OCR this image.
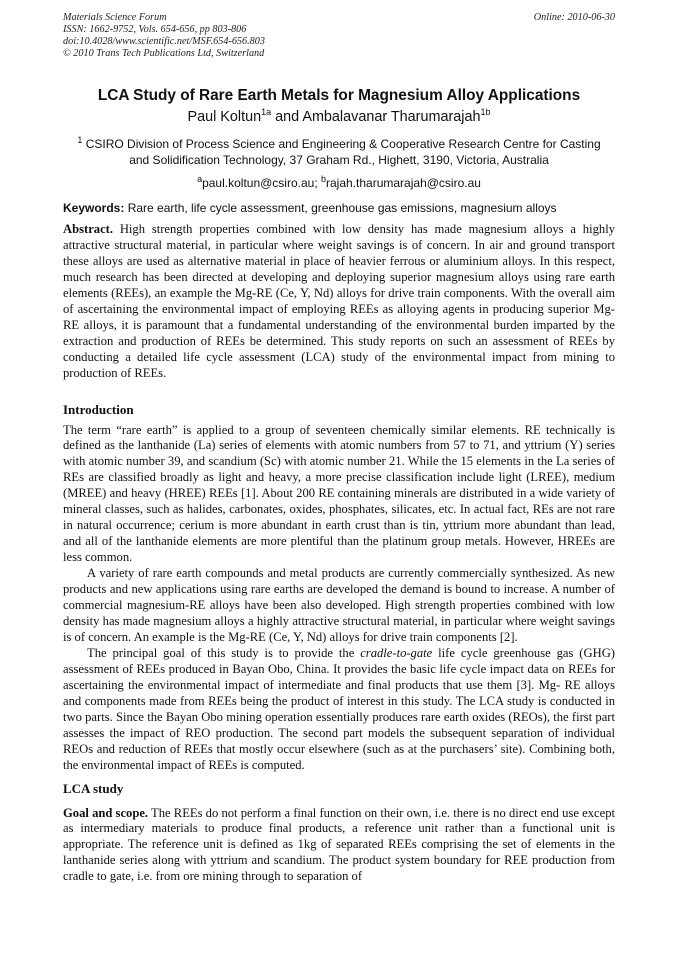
Materials Science Forum
ISSN: 1662-9752, Vols. 654-656, pp 803-806
doi:10.4028/www.scientific.net/MSF.654-656.803
© 2010 Trans Tech Publications Ltd, Switzerland
Online: 2010-06-30
LCA Study of Rare Earth Metals for Magnesium Alloy Applications
Paul Koltun$^{1a}$ and Ambalavanar Tharumarajah$^{1b}$
$^1$ CSIRO Division of Process Science and Engineering & Cooperative Research Centre for Casting and Solidification Technology, 37 Graham Rd., Highett, 3190, Victoria, Australia
$^a$paul.koltun@csiro.au; $^b$rajah.tharumarajah@csiro.au
Keywords: Rare earth, life cycle assessment, greenhouse gas emissions, magnesium alloys

Abstract. High strength properties combined with low density has made magnesium alloys a highly attractive structural material, in particular where weight savings is of concern. In air and ground transport these alloys are used as alternative material in place of heavier ferrous or aluminium alloys. In this respect, much research has been directed at developing and deploying superior magnesium alloys using rare earth elements (REEs), an example the Mg-RE (Ce, Y, Nd) alloys for drive train components. With the overall aim of ascertaining the environmental impact of employing REEs as alloying agents in producing superior Mg-RE alloys, it is paramount that a fundamental understanding of the environmental burden imparted by the extraction and production of REEs be determined. This study reports on such an assessment of REEs by conducting a detailed life cycle assessment (LCA) study of the environmental impact from mining to production of REEs.

Introduction

The term “rare earth” is applied to a group of seventeen chemically similar elements. RE technically is defined as the lanthanide (La) series of elements with atomic numbers from 57 to 71, and yttrium (Y) series with atomic number 39, and scandium (Sc) with atomic number 21. While the 15 elements in the La series of REs are classified broadly as light and heavy, a more precise classification include light (LREE), medium (MREE) and heavy (HREE) REEs [1]. About 200 RE containing minerals are distributed in a wide variety of mineral classes, such as halides, carbonates, oxides, phosphates, silicates, etc. In actual fact, REs are not rare in natural occurrence; cerium is more abundant in earth crust than is tin, yttrium more abundant than lead, and all of the lanthanide elements are more plentiful than the platinum group metals. However, HREEs are less common.

A variety of rare earth compounds and metal products are currently commercially synthesized. As new products and new applications using rare earths are developed the demand is bound to increase. A number of commercial magnesium-RE alloys have been also developed. High strength properties combined with low density has made magnesium alloys a highly attractive structural material, in particular where weight savings is of concern. An example is the Mg-RE (Ce, Y, Nd) alloys for drive train components [2].

The principal goal of this study is to provide the cradle-to-gate life cycle greenhouse gas (GHG) assessment of REEs produced in Bayan Obo, China. It provides the basic life cycle impact data on REEs for ascertaining the environmental impact of intermediate and final products that use them [3]. Mg- RE alloys and components made from REEs being the product of interest in this study. The LCA study is conducted in two parts. Since the Bayan Obo mining operation essentially produces rare earth oxides (REOs), the first part assesses the impact of REO production. The second part models the subsequent separation of individual REOs and reduction of REEs that mostly occur elsewhere (such as at the purchasers’ site). Combining both, the environmental impact of REEs is computed.

LCA study

Goal and scope. The REEs do not perform a final function on their own, i.e. there is no direct end use except as intermediary materials to produce final products, a reference unit rather than a functional unit is appropriate. The reference unit is defined as 1kg of separated REEs comprising the set of elements in the lanthanide series along with yttrium and scandium. The product system boundary for REE production from cradle to gate, i.e. from ore mining through to separation of
